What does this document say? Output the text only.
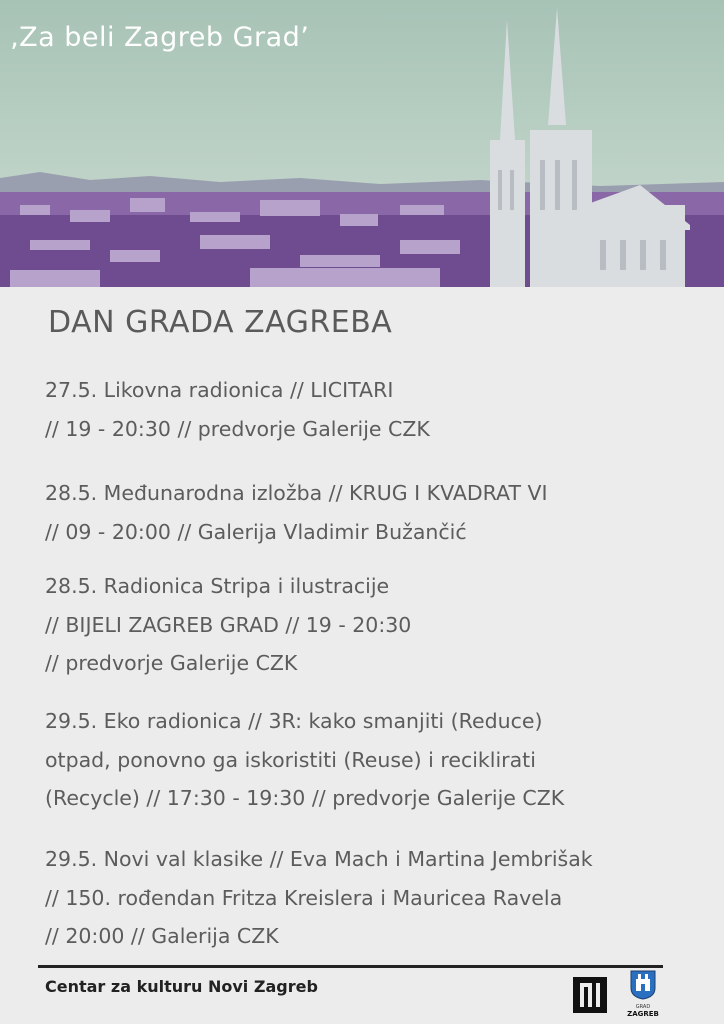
‚Za beli Zagreb Grad’
DAN GRADA ZAGREBA
27.5. Likovna radionica // LICITARI
// 19 - 20:30 // predvorje Galerije CZK
28.5. Međunarodna izložba // KRUG I KVADRAT VI
// 09 - 20:00 // Galerija Vladimir Bužančić
28.5. Radionica Stripa i ilustracije
// BIJELI ZAGREB GRAD // 19 - 20:30
// predvorje Galerije CZK
29.5. Eko radionica // 3R: kako smanjiti (Reduce)
otpad, ponovno ga iskoristiti (Reuse) i reciklirati
(Recycle) // 17:30 - 19:30 // predvorje Galerije CZK
29.5. Novi val klasike // Eva Mach i Martina Jembrišak
// 150. rođendan Fritza Kreislera i Mauricea Ravela
// 20:00 // Galerija CZK
Centar za kulturu Novi Zagreb
GRAD
ZAGREB
